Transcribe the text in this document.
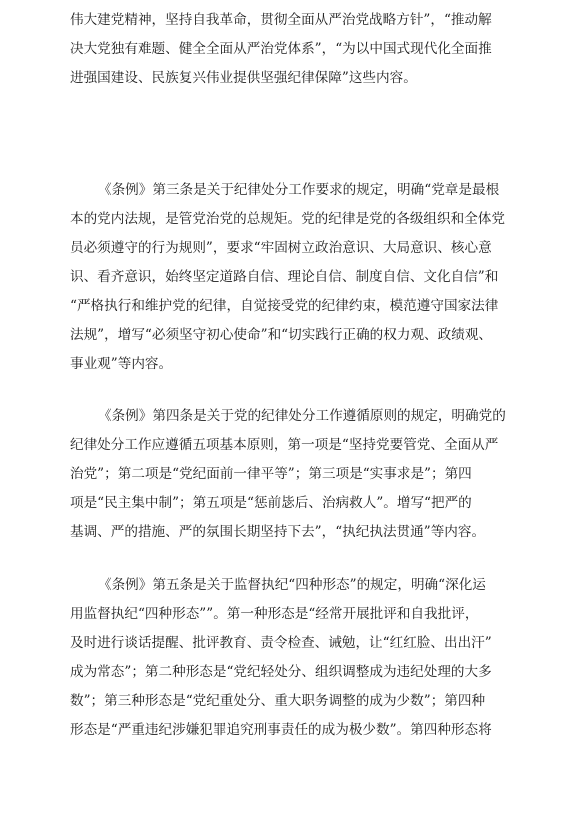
伟大建党精神，坚持自我革命，贯彻全面从严治党战略方针”，“推动解
决大党独有难题、健全全面从严治党体系”，“为以中国式现代化全面推
进强国建设、民族复兴伟业提供坚强纪律保障”这些内容。
《条例》第三条是关于纪律处分工作要求的规定，明确“党章是最根
本的党内法规，是管党治党的总规矩。党的纪律是党的各级组织和全体党
员必须遵守的行为规则”，要求“牢固树立政治意识、大局意识、核心意
识、看齐意识，始终坚定道路自信、理论自信、制度自信、文化自信”和
“严格执行和维护党的纪律，自觉接受党的纪律约束，模范遵守国家法律
法规”，增写“必须坚守初心使命”和“切实践行正确的权力观、政绩观、
事业观”等内容。
《条例》第四条是关于党的纪律处分工作遵循原则的规定，明确党的
纪律处分工作应遵循五项基本原则，第一项是“坚持党要管党、全面从严
治党”；第二项是“党纪面前一律平等”；第三项是“实事求是”；第四
项是“民主集中制”；第五项是“惩前毖后、治病救人”。增写“把严的
基调、严的措施、严的氛围长期坚持下去”，“执纪执法贯通”等内容。
《条例》第五条是关于监督执纪“四种形态”的规定，明确“深化运
用监督执纪“四种形态””。第一种形态是“经常开展批评和自我批评，
及时进行谈话提醒、批评教育、责令检查、诫勉，让“红红脸、出出汗”
成为常态”；第二种形态是“党纪轻处分、组织调整成为违纪处理的大多
数”；第三种形态是“党纪重处分、重大职务调整的成为少数”；第四种
形态是“严重违纪涉嫌犯罪追究刑事责任的成为极少数”。第四种形态将
